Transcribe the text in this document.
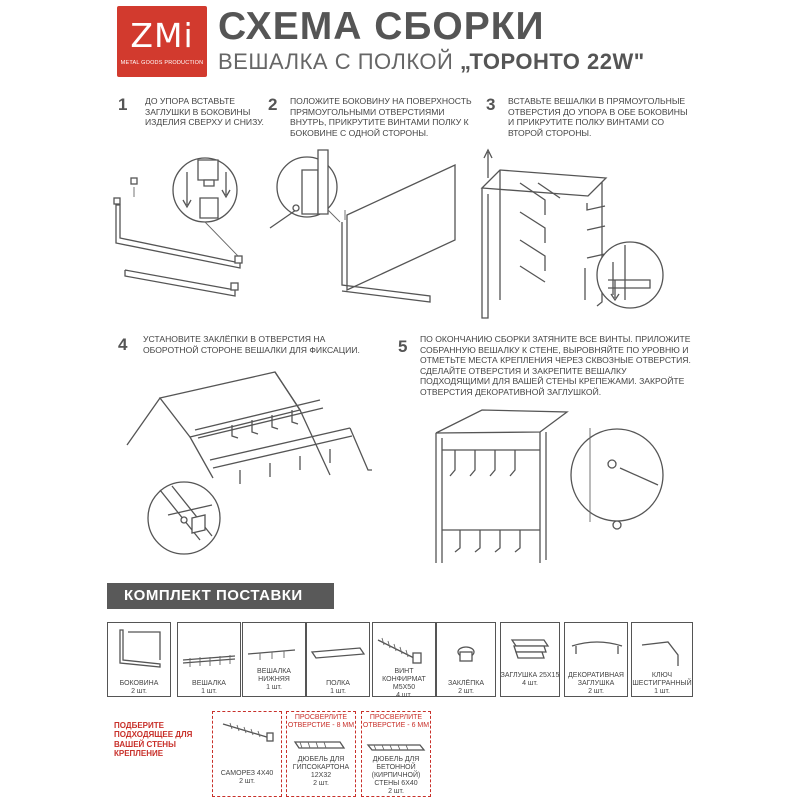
ZMi
METAL GOODS PRODUCTION
СХЕМА СБОРКИ
ВЕШАЛКА С ПОЛКОЙ „ТОРОНТО 22W"
1 ДО УПОРА ВСТАВЬТЕ ЗАГЛУШКИ В БОКОВИНЫ ИЗДЕЛИЯ СВЕРХУ И СНИЗУ.
2 ПОЛОЖИТЕ БОКОВИНУ НА ПОВЕРХНОСТЬ ПРЯМОУГОЛЬНЫМИ ОТВЕРСТИЯМИ ВНУТРЬ, ПРИКРУТИТЕ ВИНТАМИ ПОЛКУ К БОКОВИНЕ С ОДНОЙ СТОРОНЫ.
3 ВСТАВЬТЕ ВЕШАЛКИ В ПРЯМОУГОЛЬНЫЕ ОТВЕРСТИЯ ДО УПОРА В ОБЕ БОКОВИНЫ И ПРИКРУТИТЕ ПОЛКУ ВИНТАМИ СО ВТОРОЙ СТОРОНЫ.
4 УСТАНОВИТЕ ЗАКЛЁПКИ В ОТВЕРСТИЯ НА ОБОРОТНОЙ СТОРОНЕ ВЕШАЛКИ ДЛЯ ФИКСАЦИИ.	5 ПО ОКОНЧАНИЮ СБОРКИ ЗАТЯНИТЕ ВСЕ ВИНТЫ. ПРИЛОЖИТЕ СОБРАННУЮ ВЕШАЛКУ К СТЕНЕ, ВЫРОВНЯЙТЕ ПО УРОВНЮ И ОТМЕТЬТЕ МЕСТА КРЕПЛЕНИЯ ЧЕРЕЗ СКВОЗНЫЕ ОТВЕРСТИЯ. СДЕЛАЙТЕ ОТВЕРСТИЯ И ЗАКРЕПИТЕ ВЕШАЛКУ ПОДХОДЯЩИМИ ДЛЯ ВАШЕЙ СТЕНЫ КРЕПЕЖАМИ. ЗАКРОЙТЕ ОТВЕРСТИЯ ДЕКОРАТИВНОЙ ЗАГЛУШКОЙ.
КОМПЛЕКТ ПОСТАВКИ
БОКОВИНА
2 шт.
ВЕШАЛКА
1 шт.
ВЕШАЛКА НИЖНЯЯ
1 шт.
ПОЛКА
1 шт.
ВИНТ КОНФИРМАТ M5X50
4 шт.
ЗАКЛЁПКА
2 шт.
ЗАГЛУШКА 25X15
4 шт.
ДЕКОРАТИВНАЯ ЗАГЛУШКА
2 шт.
КЛЮЧ ШЕСТИГРАННЫЙ
1 шт.
ПОДБЕРИТЕ ПОДХОДЯЩЕЕ ДЛЯ ВАШЕЙ СТЕНЫ КРЕПЛЕНИЕ
САМОРЕЗ 4X40
2 шт.
ПРОСВЕРЛИТЕ ОТВЕРСТИЕ - 8 ММ
ДЮБЕЛЬ ДЛЯ ГИПСОКАРТОНА 12X32
2 шт.
ПРОСВЕРЛИТЕ ОТВЕРСТИЕ - 6 ММ
ДЮБЕЛЬ ДЛЯ БЕТОННОЙ (КИРПИЧНОЙ) СТЕНЫ 6X40
2 шт.
